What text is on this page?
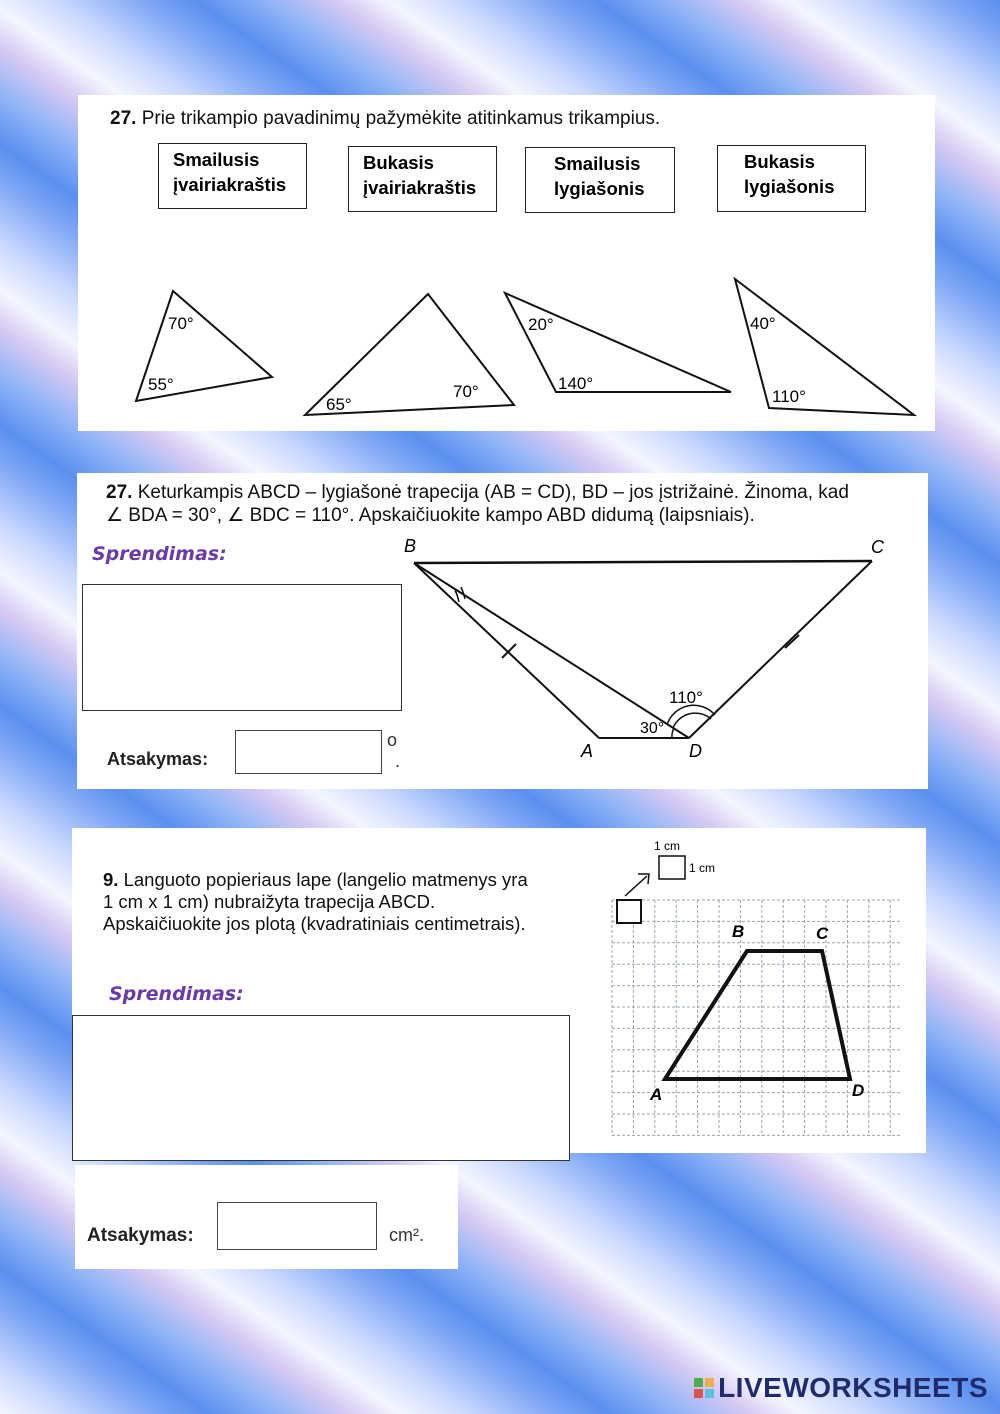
27. Prie trikampio pavadinimų pažymėkite atitinkamus trikampius.
Smailusis
įvairiakraštis
Bukasis
įvairiakraštis
Smailusis
lygiašonis
Bukasis
lygiašonis
70°
55°
65°
70°
20°
140°
40°
110°
27. Keturkampis ABCD – lygiašonė trapecija (AB = CD), BD – jos įstrižainė. Žinoma, kad
∠ BDA = 30°, ∠ BDC = 110°. Apskaičiuokite kampo ABD didumą (laipsniais).
B	C
A	D
110°
30°
Sprendimas:
Atsakymas:
o
.
9. Languoto popieriaus lape (langelio matmenys yra
1 cm x 1 cm) nubraižyta trapecija ABCD.
Apskaičiuokite jos plotą (kvadratiniais centimetrais).
Sprendimas:
1 cm
1 cm
A
B	C
D
Atsakymas:	cm².
LIVEWORKSHEETS
